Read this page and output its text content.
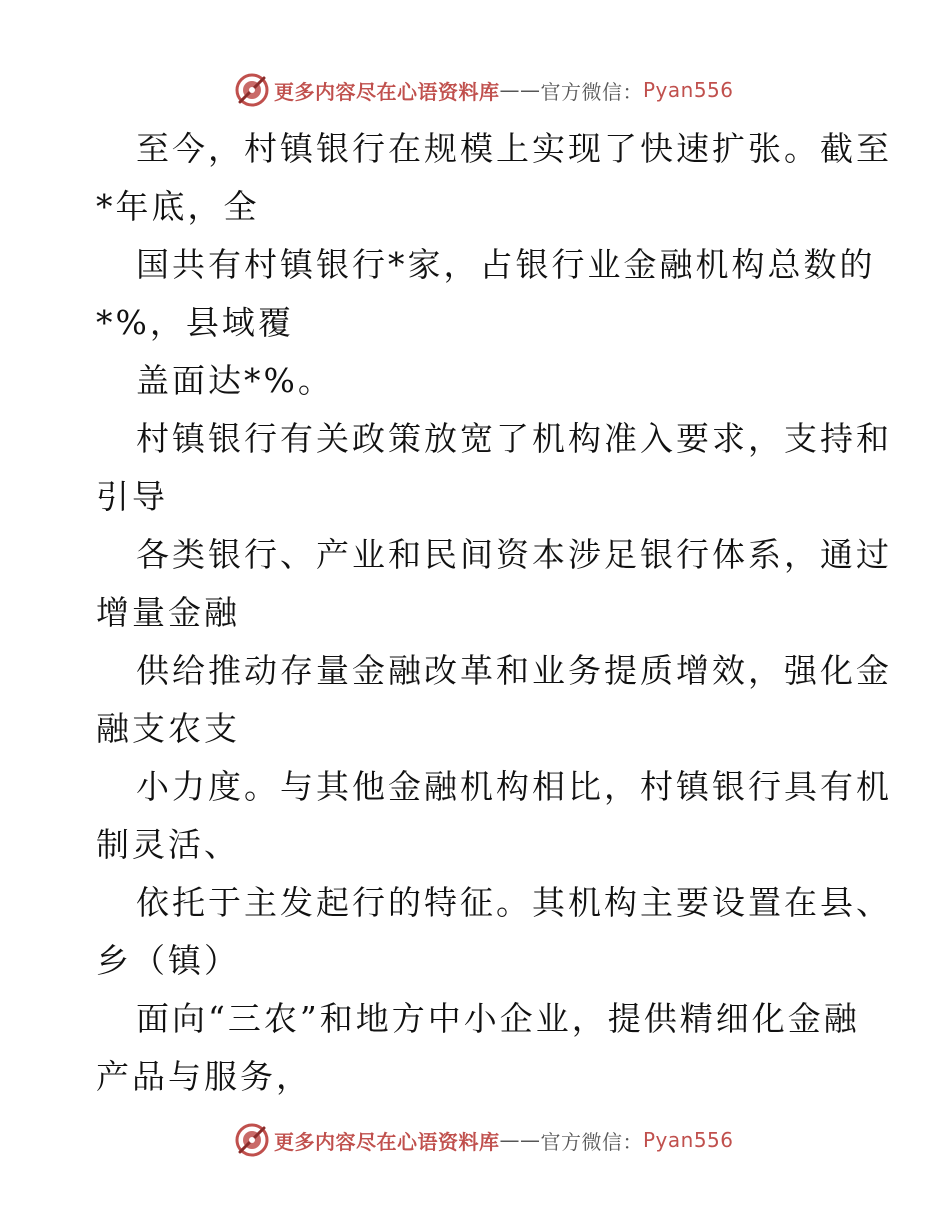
更多内容尽在心语资料库 —— 官方微信： Pyan556
至今，村镇银行在规模上实现了快速扩张。截至
*年底，全
国共有村镇银行*家，占银行业金融机构总数的
*%，县域覆
盖面达*%。
村镇银行有关政策放宽了机构准入要求，支持和
引导
各类银行、产业和民间资本涉足银行体系，通过
增量金融
供给推动存量金融改革和业务提质增效，强化金
融支农支
小力度。与其他金融机构相比，村镇银行具有机
制灵活、
依托于主发起行的特征。其机构主要设置在县、
乡（镇）
面向“三农”和地方中小企业，提供精细化金融
产品与服务，
更多内容尽在心语资料库 —— 官方微信： Pyan556
